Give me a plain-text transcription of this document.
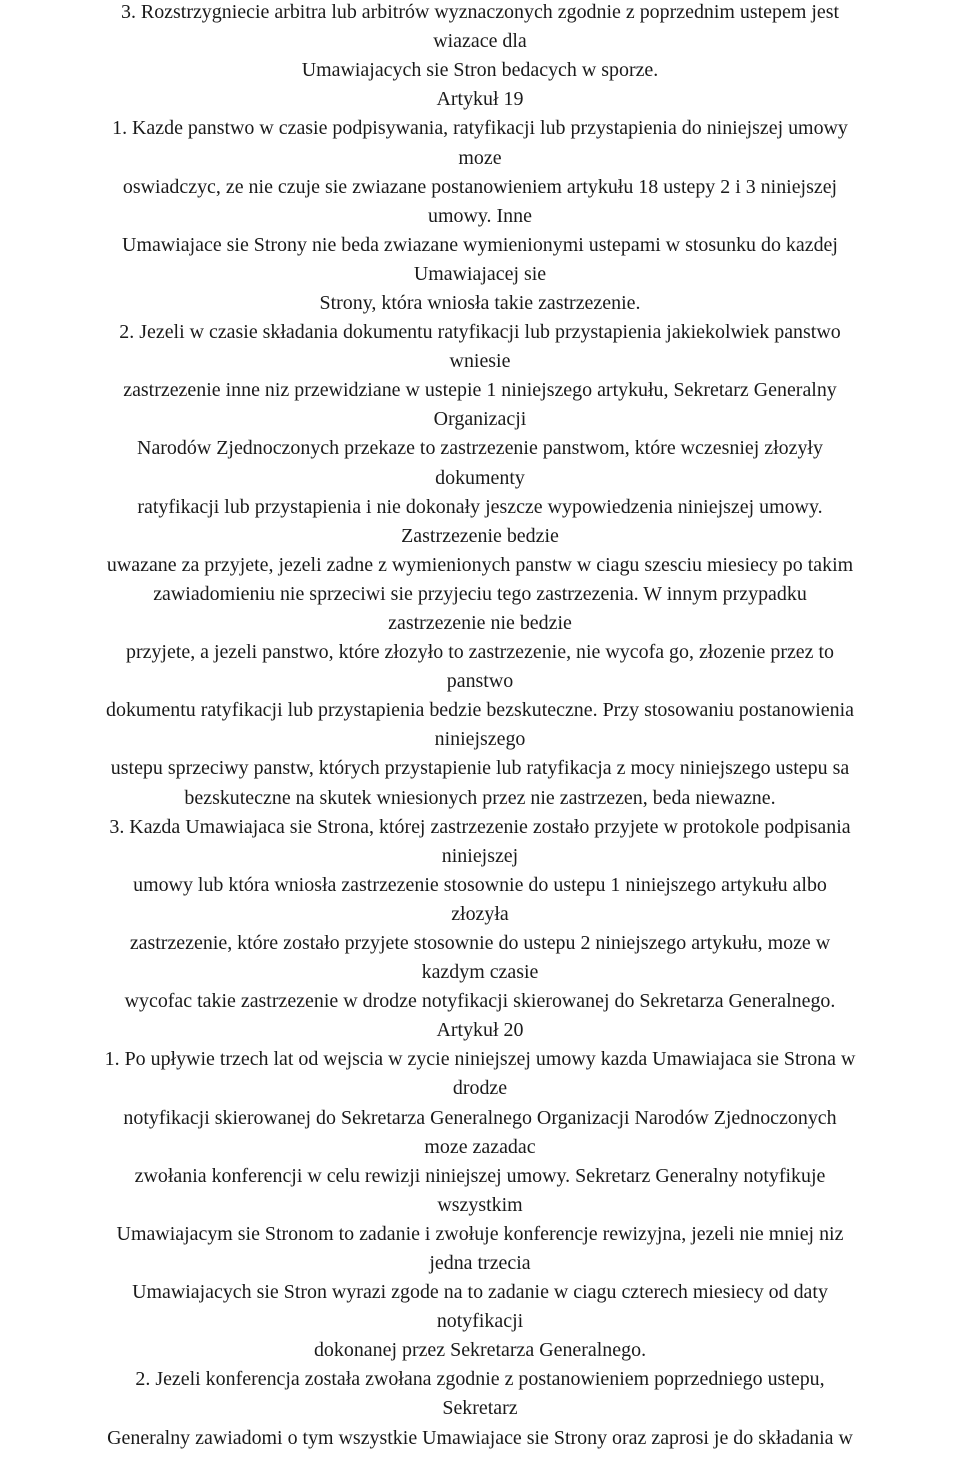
3. Rozstrzygniecie arbitra lub arbitrów wyznaczonych zgodnie z poprzednim ustepem jest
wiazace dla
Umawiajacych sie Stron bedacych w sporze.
Artykuł 19
1. Kazde panstwo w czasie podpisywania, ratyfikacji lub przystapienia do niniejszej umowy
moze
oswiadczyc, ze nie czuje sie zwiazane postanowieniem artykułu 18 ustepy 2 i 3 niniejszej
umowy. Inne
Umawiajace sie Strony nie beda zwiazane wymienionymi ustepami w stosunku do kazdej
Umawiajacej sie
Strony, która wniosła takie zastrzezenie.
2. Jezeli w czasie składania dokumentu ratyfikacji lub przystapienia jakiekolwiek panstwo
wniesie
zastrzezenie inne niz przewidziane w ustepie 1 niniejszego artykułu, Sekretarz Generalny
Organizacji
Narodów Zjednoczonych przekaze to zastrzezenie panstwom, które wczesniej złozyły
dokumenty
ratyfikacji lub przystapienia i nie dokonały jeszcze wypowiedzenia niniejszej umowy.
Zastrzezenie bedzie
uwazane za przyjete, jezeli zadne z wymienionych panstw w ciagu szesciu miesiecy po takim
zawiadomieniu nie sprzeciwi sie przyjeciu tego zastrzezenia. W innym przypadku
zastrzezenie nie bedzie
przyjete, a jezeli panstwo, które złozyło to zastrzezenie, nie wycofa go, złozenie przez to
panstwo
dokumentu ratyfikacji lub przystapienia bedzie bezskuteczne. Przy stosowaniu postanowienia
niniejszego
ustepu sprzeciwy panstw, których przystapienie lub ratyfikacja z mocy niniejszego ustepu sa
bezskuteczne na skutek wniesionych przez nie zastrzezen, beda niewazne.
3. Kazda Umawiajaca sie Strona, której zastrzezenie zostało przyjete w protokole podpisania
niniejszej
umowy lub która wniosła zastrzezenie stosownie do ustepu 1 niniejszego artykułu albo
złozyła
zastrzezenie, które zostało przyjete stosownie do ustepu 2 niniejszego artykułu, moze w
kazdym czasie
wycofac takie zastrzezenie w drodze notyfikacji skierowanej do Sekretarza Generalnego.
Artykuł 20
1. Po upływie trzech lat od wejscia w zycie niniejszej umowy kazda Umawiajaca sie Strona w
drodze
notyfikacji skierowanej do Sekretarza Generalnego Organizacji Narodów Zjednoczonych
moze zazadac
zwołania konferencji w celu rewizji niniejszej umowy. Sekretarz Generalny notyfikuje
wszystkim
Umawiajacym sie Stronom to zadanie i zwołuje konferencje rewizyjna, jezeli nie mniej niz
jedna trzecia
Umawiajacych sie Stron wyrazi zgode na to zadanie w ciagu czterech miesiecy od daty
notyfikacji
dokonanej przez Sekretarza Generalnego.
2. Jezeli konferencja została zwołana zgodnie z postanowieniem poprzedniego ustepu,
Sekretarz
Generalny zawiadomi o tym wszystkie Umawiajace sie Strony oraz zaprosi je do składania w
